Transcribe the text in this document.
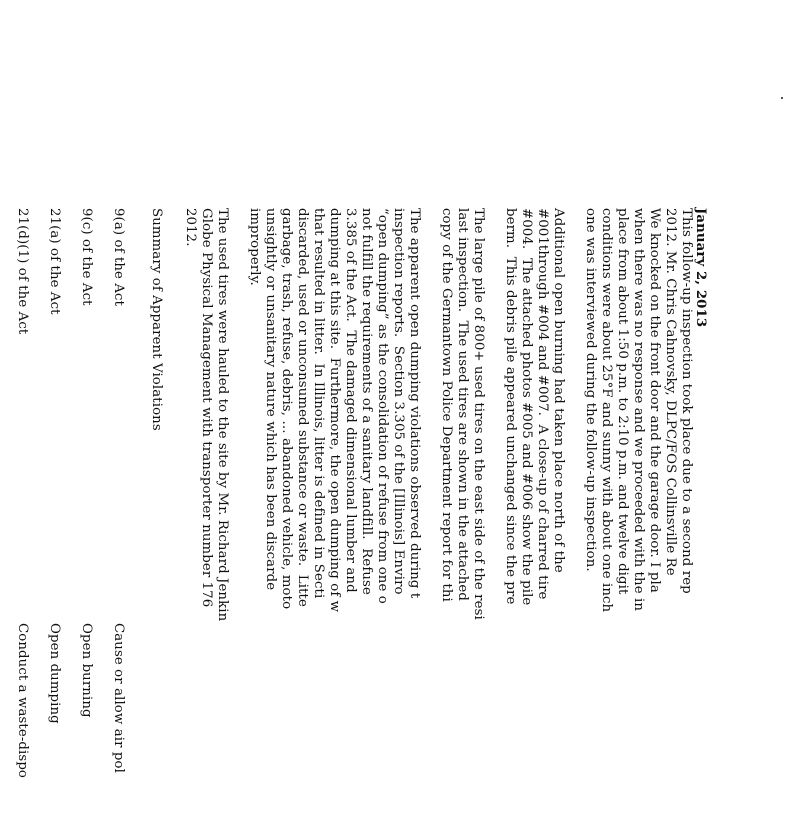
January 2, 2013
This follow-up inspection took place due to a second rep
2012. Mr. Chris Cahnovsky, DLPC/FOS Collinsville Re
We knocked on the front door and the garage door. I pla
when there was no response and we proceeded with the in
place from about 1:50 p.m. to 2:10 p.m. and twelve digit
conditions were about 25°F and sunny with about one inch
one was interviewed during the follow-up inspection.
Additional open burning had taken place north of the
#001through #004 and #007.  A close-up of charred tire
#004.  The attached photos #005 and #006 show the pile
berm.  This debris pile appeared unchanged since the pre
The large pile of 800+ used tires on the east side of the resi
last inspection.  The used tires are shown in the attached
copy of the Germantown Police Department report for thi
The apparent open dumping violations observed during t
inspection reports.  Section 3.305 of the [Illinois] Enviro
“open dumping” as the consolidation of refuse from one o
not fulfill the requirements of a sanitary landfill.  Refuse
3.385 of the Act.  The damaged dimensional lumber and
dumping at this site.  Furthermore, the open dumping of w
that resulted in litter.  In Illinois, litter is defined in Secti
discarded, used or unconsumed substance or waste.  Litte
garbage, trash, refuse, debris, … abandoned vehicle, moto
unsightly or unsanitary nature which has been discarde
improperly.
The used tires were hauled to the site by Mr. Richard Jenkin
Globe Physical Management with transporter number 176
2012.
Summary of Apparent Violations
9(a) of the Act
Cause or allow air pol
9(c) of the Act
Open burning
21(a) of the Act
Open dumping
21(d)(1) of the Act
Conduct a waste-dispo
